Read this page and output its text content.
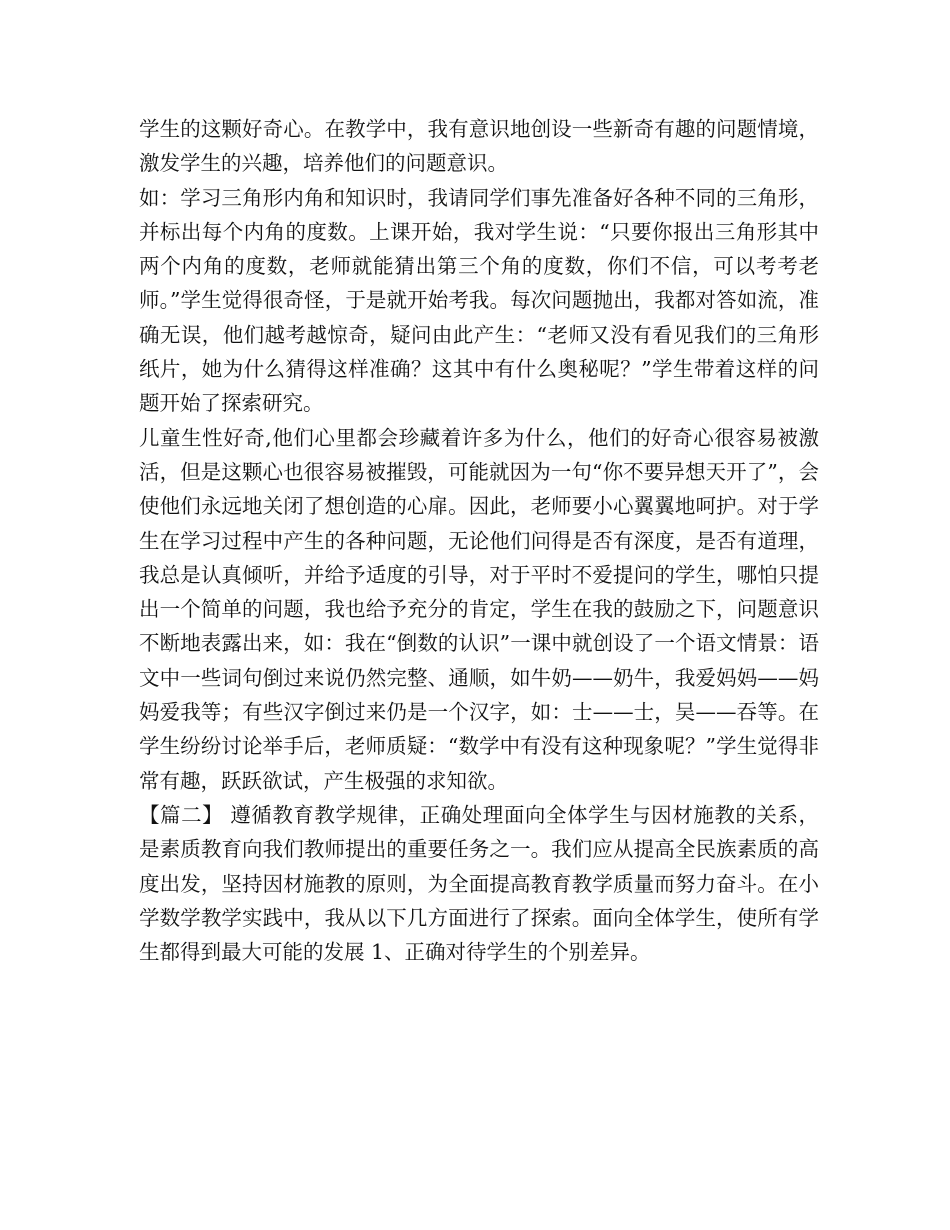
学生的这颗好奇心。在教学中，我有意识地创设一些新奇有趣的问题情境，激发学生的兴趣，培养他们的问题意识。

如：学习三角形内角和知识时，我请同学们事先准备好各种不同的三角形，并标出每个内角的度数。上课开始，我对学生说：“只要你报出三角形其中两个内角的度数，老师就能猜出第三个角的度数，你们不信，可以考考老师。”学生觉得很奇怪，于是就开始考我。每次问题抛出，我都对答如流，准确无误，他们越考越惊奇，疑问由此产生：“老师又没有看见我们的三角形纸片，她为什么猜得这样准确？这其中有什么奥秘呢？”学生带着这样的问题开始了探索研究。

儿童生性好奇,他们心里都会珍藏着许多为什么，他们的好奇心很容易被激活，但是这颗心也很容易被摧毁，可能就因为一句“你不要异想天开了”，会使他们永远地关闭了想创造的心扉。因此，老师要小心翼翼地呵护。对于学生在学习过程中产生的各种问题，无论他们问得是否有深度，是否有道理，我总是认真倾听，并给予适度的引导，对于平时不爱提问的学生，哪怕只提出一个简单的问题，我也给予充分的肯定，学生在我的鼓励之下，问题意识不断地表露出来，如：我在“倒数的认识”一课中就创设了一个语文情景：语文中一些词句倒过来说仍然完整、通顺，如牛奶——奶牛，我爱妈妈——妈妈爱我等；有些汉字倒过来仍是一个汉字，如：士——士，吴——吞等。在学生纷纷讨论举手后，老师质疑：“数学中有没有这种现象呢？”学生觉得非常有趣，跃跃欲试，产生极强的求知欲。

【篇二】 遵循教育教学规律，正确处理面向全体学生与因材施教的关系，是素质教育向我们教师提出的重要任务之一。我们应从提高全民族素质的高度出发，坚持因材施教的原则，为全面提高教育教学质量而努力奋斗。在小学数学教学实践中，我从以下几方面进行了探索。面向全体学生，使所有学生都得到最大可能的发展 1、正确对待学生的个别差异。
